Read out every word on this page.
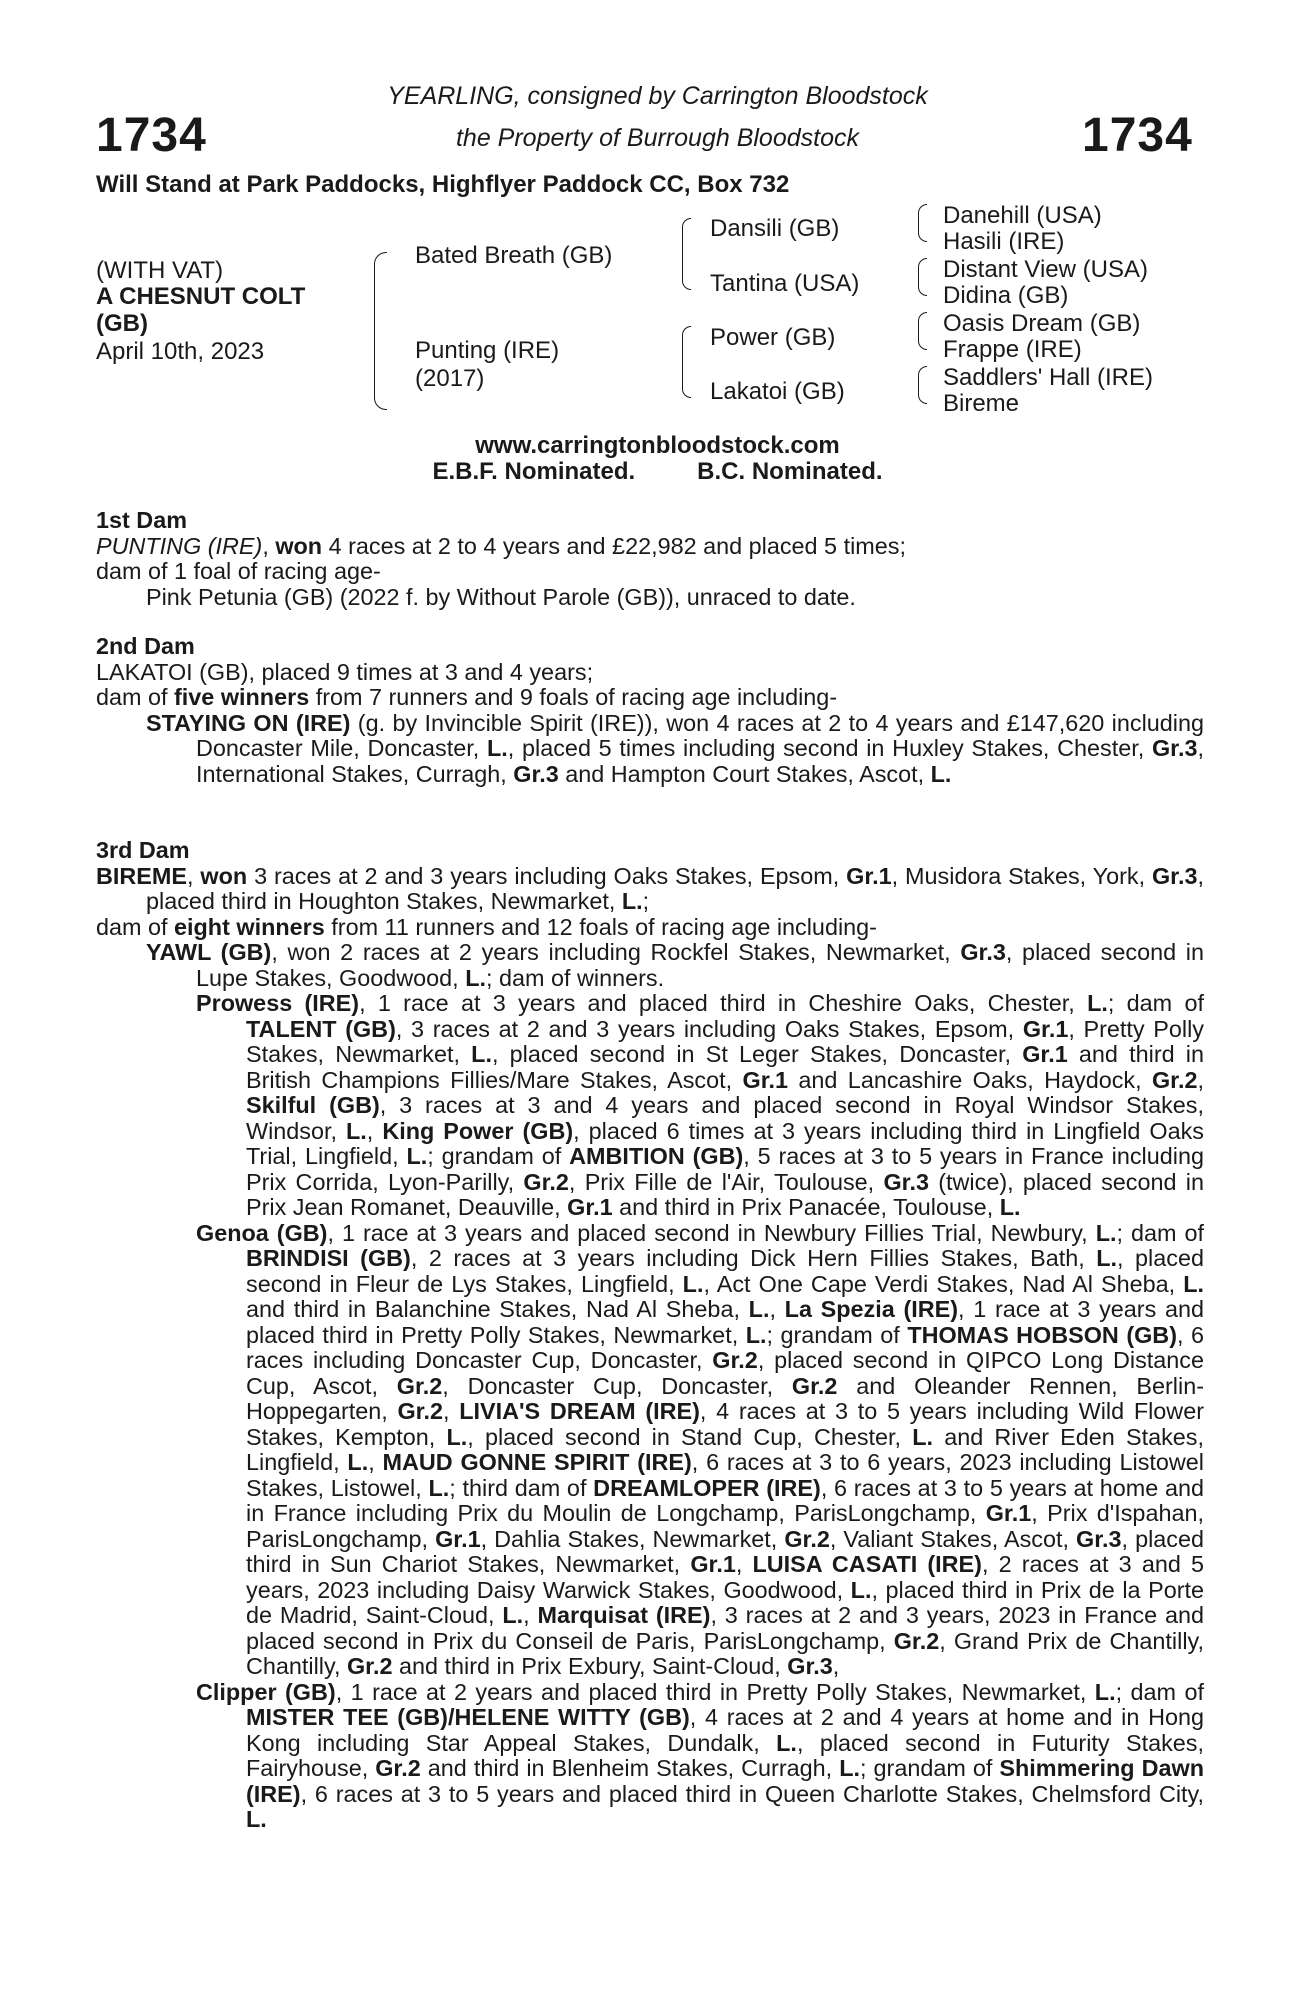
1734	1734
YEARLING, consigned by Carrington Bloodstock
the Property of Burrough Bloodstock
Will Stand at Park Paddocks, Highflyer Paddock CC, Box 732
(WITH VAT)
A CHESNUT COLT
(GB)
April 10th, 2023
Bated Breath (GB)
Punting (IRE)
(2017)
Dansili (GB)
Tantina (USA)
Power (GB)
Lakatoi (GB)
Danehill (USA)
Hasili (IRE)
Distant View (USA)
Didina (GB)
Oasis Dream (GB)
Frappe (IRE)
Saddlers' Hall (IRE)
Bireme
www.carringtonbloodstock.com
E.B.F. Nominated.	B.C. Nominated.

1st Dam

PUNTING (IRE), won 4 races at 2 to 4 years and £22,982 and placed 5 times;

dam of 1 foal of racing age-

Pink Petunia (GB) (2022 f. by Without Parole (GB)), unraced to date.

2nd Dam

LAKATOI (GB), placed 9 times at 3 and 4 years;

dam of five winners from 7 runners and 9 foals of racing age including-

STAYING ON (IRE) (g. by Invincible Spirit (IRE)), won 4 races at 2 to 4 years and £147,620 including Doncaster Mile, Doncaster, L., placed 5 times including second in Huxley Stakes, Chester, Gr.3, International Stakes, Curragh, Gr.3 and Hampton Court Stakes, Ascot, L.

3rd Dam

BIREME, won 3 races at 2 and 3 years including Oaks Stakes, Epsom, Gr.1, Musidora Stakes, York, Gr.3, placed third in Houghton Stakes, Newmarket, L.;

dam of eight winners from 11 runners and 12 foals of racing age including-

YAWL (GB), won 2 races at 2 years including Rockfel Stakes, Newmarket, Gr.3, placed second in Lupe Stakes, Goodwood, L.; dam of winners.

Prowess (IRE), 1 race at 3 years and placed third in Cheshire Oaks, Chester, L.; dam of TALENT (GB), 3 races at 2 and 3 years including Oaks Stakes, Epsom, Gr.1, Pretty Polly Stakes, Newmarket, L., placed second in St Leger Stakes, Doncaster, Gr.1 and third in British Champions Fillies/Mare Stakes, Ascot, Gr.1 and Lancashire Oaks, Haydock, Gr.2, Skilful (GB), 3 races at 3 and 4 years and placed second in Royal Windsor Stakes, Windsor, L., King Power (GB), placed 6 times at 3 years including third in Lingfield Oaks Trial, Lingfield, L.; grandam of AMBITION (GB), 5 races at 3 to 5 years in France including Prix Corrida, Lyon-Parilly, Gr.2, Prix Fille de l'Air, Toulouse, Gr.3 (twice), placed second in Prix Jean Romanet, Deauville, Gr.1 and third in Prix Panacée, Toulouse, L.

Genoa (GB), 1 race at 3 years and placed second in Newbury Fillies Trial, Newbury, L.; dam of BRINDISI (GB), 2 races at 3 years including Dick Hern Fillies Stakes, Bath, L., placed second in Fleur de Lys Stakes, Lingfield, L., Act One Cape Verdi Stakes, Nad Al Sheba, L. and third in Balanchine Stakes, Nad Al Sheba, L., La Spezia (IRE), 1 race at 3 years and placed third in Pretty Polly Stakes, Newmarket, L.; grandam of THOMAS HOBSON (GB), 6 races including Doncaster Cup, Doncaster, Gr.2, placed second in QIPCO Long Distance Cup, Ascot, Gr.2, Doncaster Cup, Doncaster, Gr.2 and Oleander Rennen, Berlin-Hoppegarten, Gr.2, LIVIA'S DREAM (IRE), 4 races at 3 to 5 years including Wild Flower Stakes, Kempton, L., placed second in Stand Cup, Chester, L. and River Eden Stakes, Lingfield, L., MAUD GONNE SPIRIT (IRE), 6 races at 3 to 6 years, 2023 including Listowel Stakes, Listowel, L.; third dam of DREAMLOPER (IRE), 6 races at 3 to 5 years at home and in France including Prix du Moulin de Longchamp, ParisLongchamp, Gr.1, Prix d'Ispahan, ParisLongchamp, Gr.1, Dahlia Stakes, Newmarket, Gr.2, Valiant Stakes, Ascot, Gr.3, placed third in Sun Chariot Stakes, Newmarket, Gr.1, LUISA CASATI (IRE), 2 races at 3 and 5 years, 2023 including Daisy Warwick Stakes, Goodwood, L., placed third in Prix de la Porte de Madrid, Saint-Cloud, L., Marquisat (IRE), 3 races at 2 and 3 years, 2023 in France and placed second in Prix du Conseil de Paris, ParisLongchamp, Gr.2, Grand Prix de Chantilly, Chantilly, Gr.2 and third in Prix Exbury, Saint-Cloud, Gr.3,

Clipper (GB), 1 race at 2 years and placed third in Pretty Polly Stakes, Newmarket, L.; dam of MISTER TEE (GB)/HELENE WITTY (GB), 4 races at 2 and 4 years at home and in Hong Kong including Star Appeal Stakes, Dundalk, L., placed second in Futurity Stakes, Fairyhouse, Gr.2 and third in Blenheim Stakes, Curragh, L.; grandam of Shimmering Dawn (IRE), 6 races at 3 to 5 years and placed third in Queen Charlotte Stakes, Chelmsford City, L.
